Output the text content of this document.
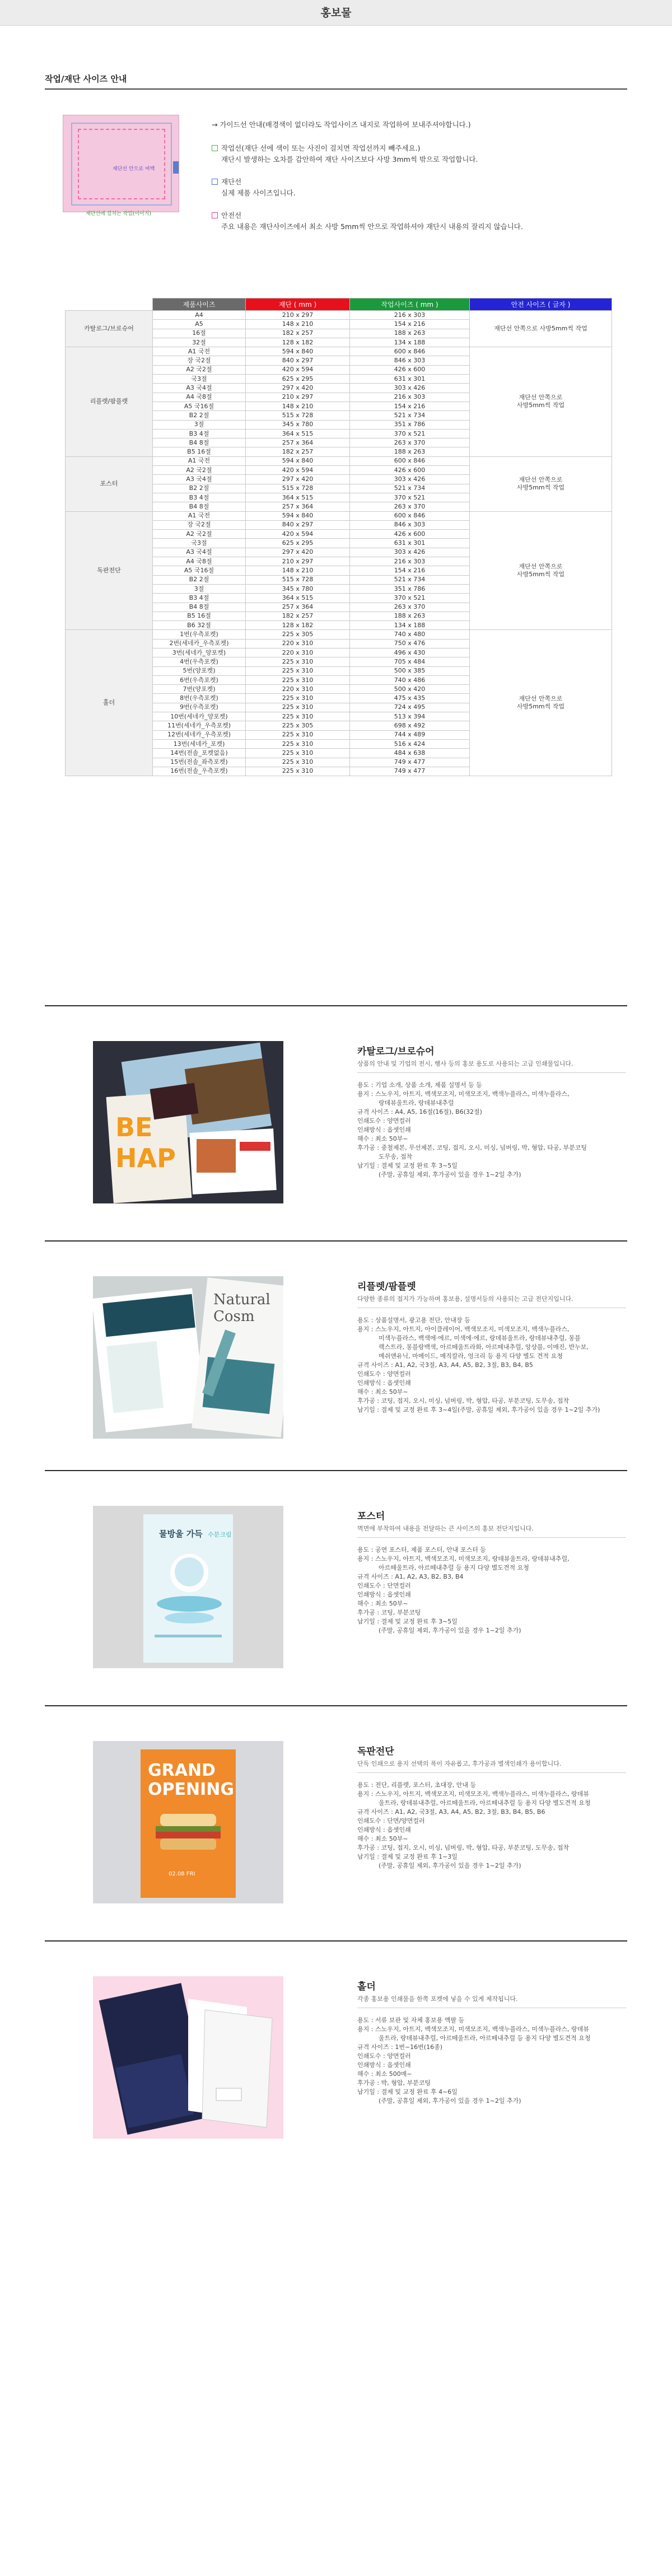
홍보물
작업/재단 사이즈 안내
재단선 안으로 여백
재단선에 걸치는 작업(이미지)
→ 가이드선 안내(배경색이 없더라도 작업사이즈 내지로 작업하여 보내주셔야합니다.)
작업선(재단 선에 색이 또는 사진이 걸치면 작업선까지 빼주세요.)
재단시 발생하는 오차를 감안하여 재단 사이즈보다 사방 3mm씩 밖으로 작업합니다.
재단선
실제 제품 사이즈입니다.
안전선
주요 내용은 재단사이즈에서 최소 사방 5mm씩 안으로 작업하셔야 재단시 내용의 잘리지 않습니다.
	제품사이즈	재단 ( mm )	작업사이즈 ( mm )	안전 사이즈 ( 글자 )
카탈로그/브로슈어	A4	210 x 297	216 x 303	재단선 안쪽으로 사방5mm씩 작업
	A5	148 x 210	154 x 216	
	16절	182 x 257	188 x 263	
	32절	128 x 182	134 x 188	
리플렛/팜플렛	A1 국전	594 x 840	600 x 846	재단선 안쪽으로
사방5mm씩 작업
	장 국2절	840 x 297	846 x 303	
	A2 국2절	420 x 594	426 x 600	
	국3절	625 x 295	631 x 301	
	A3 국4절	297 x 420	303 x 426	
	A4 국8절	210 x 297	216 x 303	
	A5 국16절	148 x 210	154 x 216	
	B2 2절	515 x 728	521 x 734	
	3절	345 x 780	351 x 786	
	B3 4절	364 x 515	370 x 521	
	B4 8절	257 x 364	263 x 370	
	B5 16절	182 x 257	188 x 263	
포스터	A1 국전	594 x 840	600 x 846	재단선 안쪽으로
사방5mm씩 작업
	A2 국2절	420 x 594	426 x 600	
	A3 국4절	297 x 420	303 x 426	
	B2 2절	515 x 728	521 x 734	
	B3 4절	364 x 515	370 x 521	
	B4 8절	257 x 364	263 x 370	
독판전단	A1 국전	594 x 840	600 x 846	재단선 안쪽으로
사방5mm씩 작업
	장 국2절	840 x 297	846 x 303	
	A2 국2절	420 x 594	426 x 600	
	국3절	625 x 295	631 x 301	
	A3 국4절	297 x 420	303 x 426	
	A4 국8절	210 x 297	216 x 303	
	A5 국16절	148 x 210	154 x 216	
	B2 2절	515 x 728	521 x 734	
	3절	345 x 780	351 x 786	
	B3 4절	364 x 515	370 x 521	
	B4 8절	257 x 364	263 x 370	
	B5 16절	182 x 257	188 x 263	
	B6 32절	128 x 182	134 x 188	
홀더	1번(우측포켓)	225 x 305	740 x 480	재단선 안쪽으로
사방5mm씩 작업
	2번(세네카_우측포켓)	220 x 310	750 x 476	
	3번(세네카_양포켓)	220 x 310	496 x 430	
	4번(우측포켓)	225 x 310	705 x 484	
	5번(양포켓)	225 x 310	500 x 385	
	6번(우측포켓)	225 x 310	740 x 486	
	7번(양포켓)	220 x 310	500 x 420	
	8번(우측포켓)	225 x 310	475 x 435	
	9번(우측포켓)	225 x 310	724 x 495	
	10번(세네카_양포켓)	225 x 310	513 x 394	
	11번(세네카_우측포켓)	225 x 305	698 x 492	
	12번(세네카_우측포켓)	225 x 310	744 x 489	
	13번(세네카_포켓)	225 x 310	516 x 424	
	14번(전솔_포켓없음)	225 x 310	484 x 638	
	15번(전솔_좌측포켓)	225 x 310	749 x 477	
	16번(전솔_우측포켓)	225 x 310	749 x 477	
BE
HAP
카탈로그/브로슈어
상품의 안내 및 기업의 전시, 행사 등의 홍보 용도로 사용되는 고급 인쇄물입니다.
용도 : 기업 소개, 상품 소개, 제품 설명서 등 등
용지 : 스노우지, 아트지, 백색모조지, 미색모조지, 백색누플라스, 미색누플라스,
랑데뷰울트라, 랑데뷰내추럴
규격 사이즈 : A4, A5, 16절(16절), B6(32절)
인쇄도수 : 양면컬러
인쇄방식 : 옵셋인쇄
해수 : 최소 50부~
후가공 : 중철제본, 무선제본, 코팅, 접지, 오시, 미싱, 넘버링, 박, 형압, 타공, 부분코팅
도무송, 접착
납기일 : 결제 및 교정 완료 후 3~5일
(주말, 공휴일 제외, 후가공이 있을 경우 1~2일 추가)
Natural
Cosm
리플렛/팜플렛
다양한 종류의 접지가 가능하며 홍보용, 설명서등의 사용되는 고급 전단지입니다.
용도 : 상품설명서, 광고용 전단, 안내장 등
용지 : 스노우지, 아트지, 아이클레이어, 백색모조지, 미색모조지, 백색누플라스,
미색누플라스, 백색에·에르, 미색에·에르, 랑데뷰울트라, 랑데뷰내추럴, 몽블
랙스트라, 몽블랑백색, 아르떼울트라화, 아르떼내추럴, 앙상블, 이매진, 반누보,
메쉬앤유닉, 마메이드, 매직칼라, 엉크리 등 용지 다양 별도 견적 요청
규격 사이즈 : A1, A2, 국3절, A3, A4, A5, B2, 3절, B3, B4, B5
인쇄도수 : 양면컬러
인쇄방식 : 옵셋인쇄
해수 : 최소 50부~
후가공 : 코팅, 접지, 오시, 미싱, 넘버링, 박, 형압, 타공, 부분코팅, 도무송, 접착
납기일 : 결제 및 교정 완료 후 3~4일(주말, 공휴일 제외, 후가공이 있을 경우 1~2일 추가)
물방울 가득 수분크림
포스터
벽면에 부착하여 내용을 전달하는 큰 사이즈의 홍보 전단지입니다.
용도 : 공연 포스터, 제품 포스터, 안내 포스터 등
용지 : 스노우지, 아트지, 백색모조지, 미색모조지, 랑데뷰울트라, 랑데뷰내추럴,
아르떼울트라, 아르떼내추럴 등 용지 다양 별도견적 요청
규격 사이즈 : A1, A2, A3, B2, B3, B4
인쇄도수 : 단면컬러
인쇄방식 : 옵셋인쇄
해수 : 최소 50부~
후가공 : 코팅, 부분코팅
납기일 : 결제 및 교정 완료 후 3~5일
(주말, 공휴일 제외, 후가공이 있을 경우 1~2일 추가)
GRAND
OPENING
02.08 FRI
독판전단
단독 인쇄으로 용지 선택의 폭이 자유롭고, 후가공과 별색인쇄가 용이합니다.
용도 : 전단, 리플렛, 포스터, 초대장, 안내 등
용지 : 스노우지, 아트지, 백색모조지, 미색모조지, 백색누플라스, 미색누플라스, 랑데뷰
울트라, 랑데뷰내추럴, 아르떼울트라, 아르떼내추럴 등 용지 다양 별도견적 요청
규격 사이즈 : A1, A2, 국3절, A3, A4, A5, B2, 3절, B3, B4, B5, B6
인쇄도수 : 단면/양면컬러
인쇄방식 : 옵셋인쇄
해수 : 최소 50부~
후가공 : 코팅, 접지, 오시, 미싱, 넘버링, 박, 형압, 타공, 부분코팅, 도무송, 접착
납기일 : 결제 및 교정 완료 후 1~3일
(주말, 공휴일 제외, 후가공이 있을 경우 1~2일 추가)
홀더
각종 홍보용 인쇄물을 한쪽 포켓에 넣을 수 있게 제작됩니다.
용도 : 서류 보관 및 자체 홍보용 액팔 등
용지 : 스노우지, 아트지, 백색모조지, 미색모조지, 백색누플라스, 미색누플라스, 랑데뷰
울트라, 랑데뷰내추럴, 아르떼울트라, 아르떼내추럴 등 용지 다양 별도견적 요청
규격 사이즈 : 1번~16번(16종)
인쇄도수 : 양면컬러
인쇄방식 : 옵셋인쇄
해수 : 최소 500매~
후가공 : 박, 형압, 부분코팅
납기일 : 결제 및 교정 완료 후 4~6일
(주말, 공휴일 제외, 후가공이 있을 경우 1~2일 추가)
